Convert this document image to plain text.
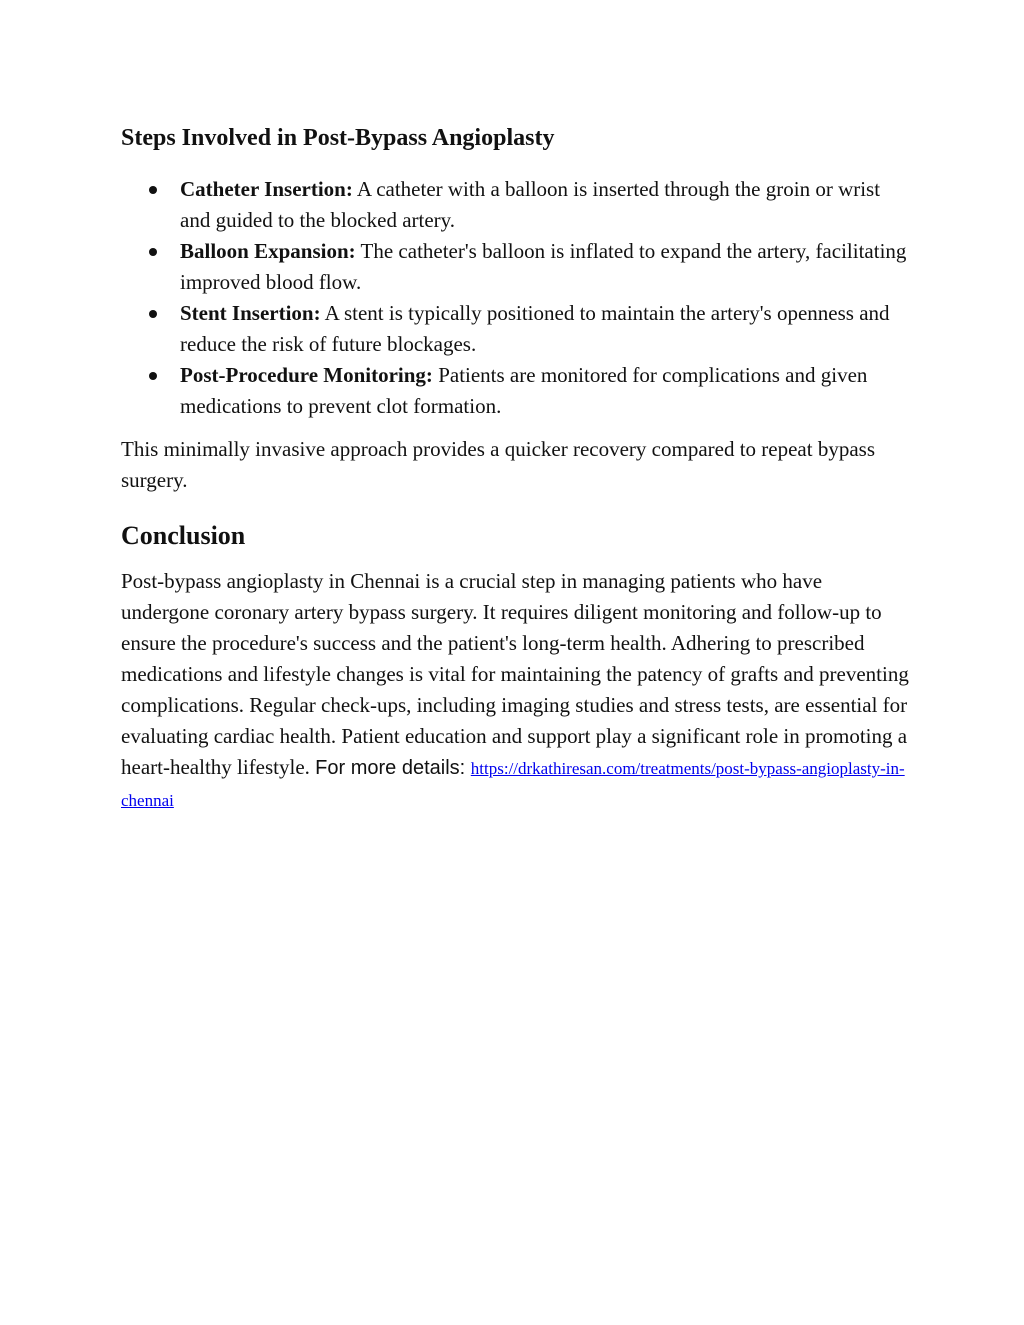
Steps Involved in Post-Bypass Angioplasty
Catheter Insertion: A catheter with a balloon is inserted through the groin or wrist and guided to the blocked artery.
Balloon Expansion: The catheter's balloon is inflated to expand the artery, facilitating improved blood flow.
Stent Insertion: A stent is typically positioned to maintain the artery's openness and reduce the risk of future blockages.
Post-Procedure Monitoring: Patients are monitored for complications and given medications to prevent clot formation.

This minimally invasive approach provides a quicker recovery compared to repeat bypass surgery.

Conclusion

Post-bypass angioplasty in Chennai is a crucial step in managing patients who have undergone coronary artery bypass surgery. It requires diligent monitoring and follow-up to ensure the procedure's success and the patient's long-term health. Adhering to prescribed medications and lifestyle changes is vital for maintaining the patency of grafts and preventing complications. Regular check-ups, including imaging studies and stress tests, are essential for evaluating cardiac health. Patient education and support play a significant role in promoting a heart-healthy lifestyle. For more details: https://drkathiresan.com/treatments/post-bypass-angioplasty-in-chennai
